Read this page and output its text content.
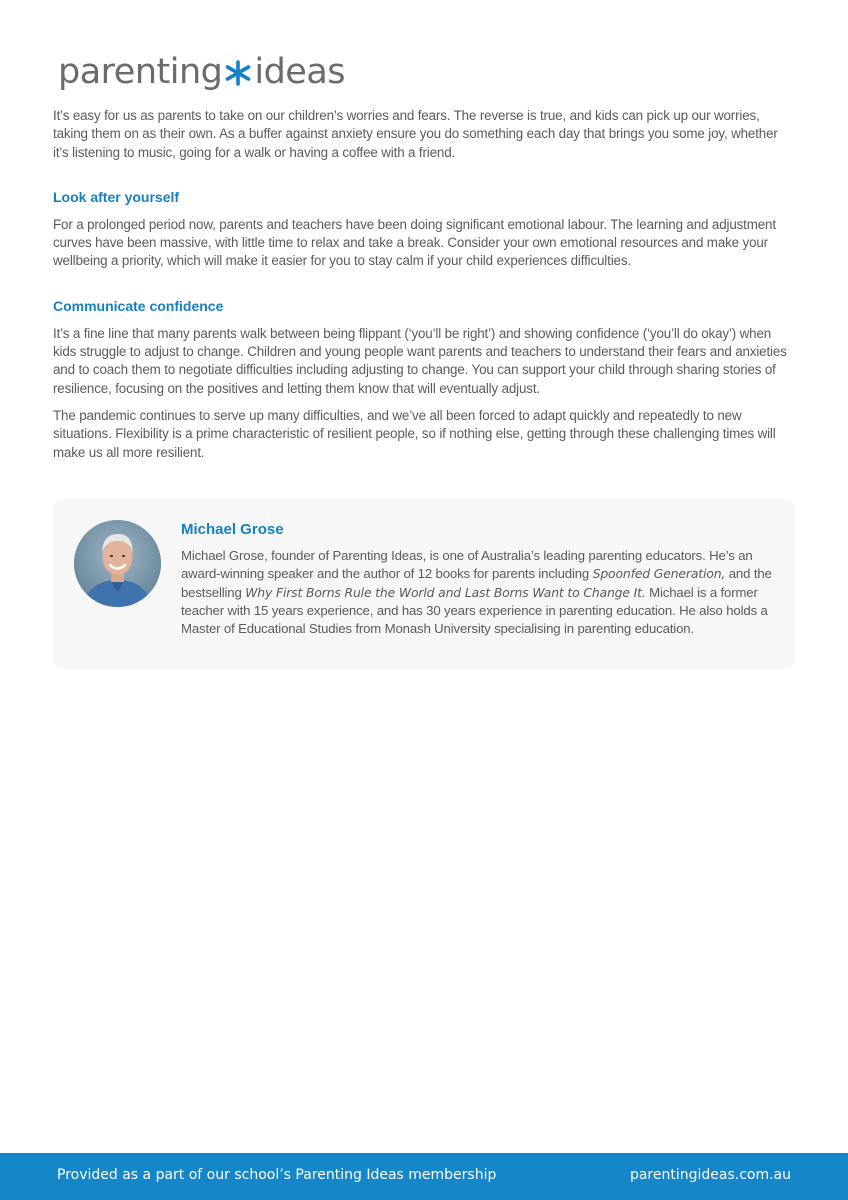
parenting ideas

It’s easy for us as parents to take on our children’s worries and fears. The reverse is true, and kids can pick up our worries, taking them on as their own. As a buffer against anxiety ensure you do something each day that brings you some joy, whether it’s listening to music, going for a walk or having a coffee with a friend.

Look after yourself

For a prolonged period now, parents and teachers have been doing significant emotional labour. The learning and adjustment curves have been massive, with little time to relax and take a break. Consider your own emotional resources and make your wellbeing a priority, which will make it easier for you to stay calm if your child experiences difficulties.

Communicate confidence

It’s a fine line that many parents walk between being flippant (‘you’ll be right’) and showing confidence (‘you’ll do okay’) when kids struggle to adjust to change. Children and young people want parents and teachers to understand their fears and anxieties and to coach them to negotiate difficulties including adjusting to change. You can support your child through sharing stories of resilience, focusing on the positives and letting them know that will eventually adjust.

The pandemic continues to serve up many difficulties, and we’ve all been forced to adapt quickly and repeatedly to new situations. Flexibility is a prime characteristic of resilient people, so if nothing else, getting through these challenging times will make us all more resilient.

Michael Grose

Michael Grose, founder of Parenting Ideas, is one of Australia’s leading parenting educators. He’s an award-winning speaker and the author of 12 books for parents including Spoonfed Generation, and the bestselling Why First Borns Rule the World and Last Borns Want to Change It. Michael is a former teacher with 15 years experience, and has 30 years experience in parenting education. He also holds a Master of Educational Studies from Monash University specialising in parenting education.

Provided as a part of our school’s Parenting Ideas membership	parentingideas.com.au
